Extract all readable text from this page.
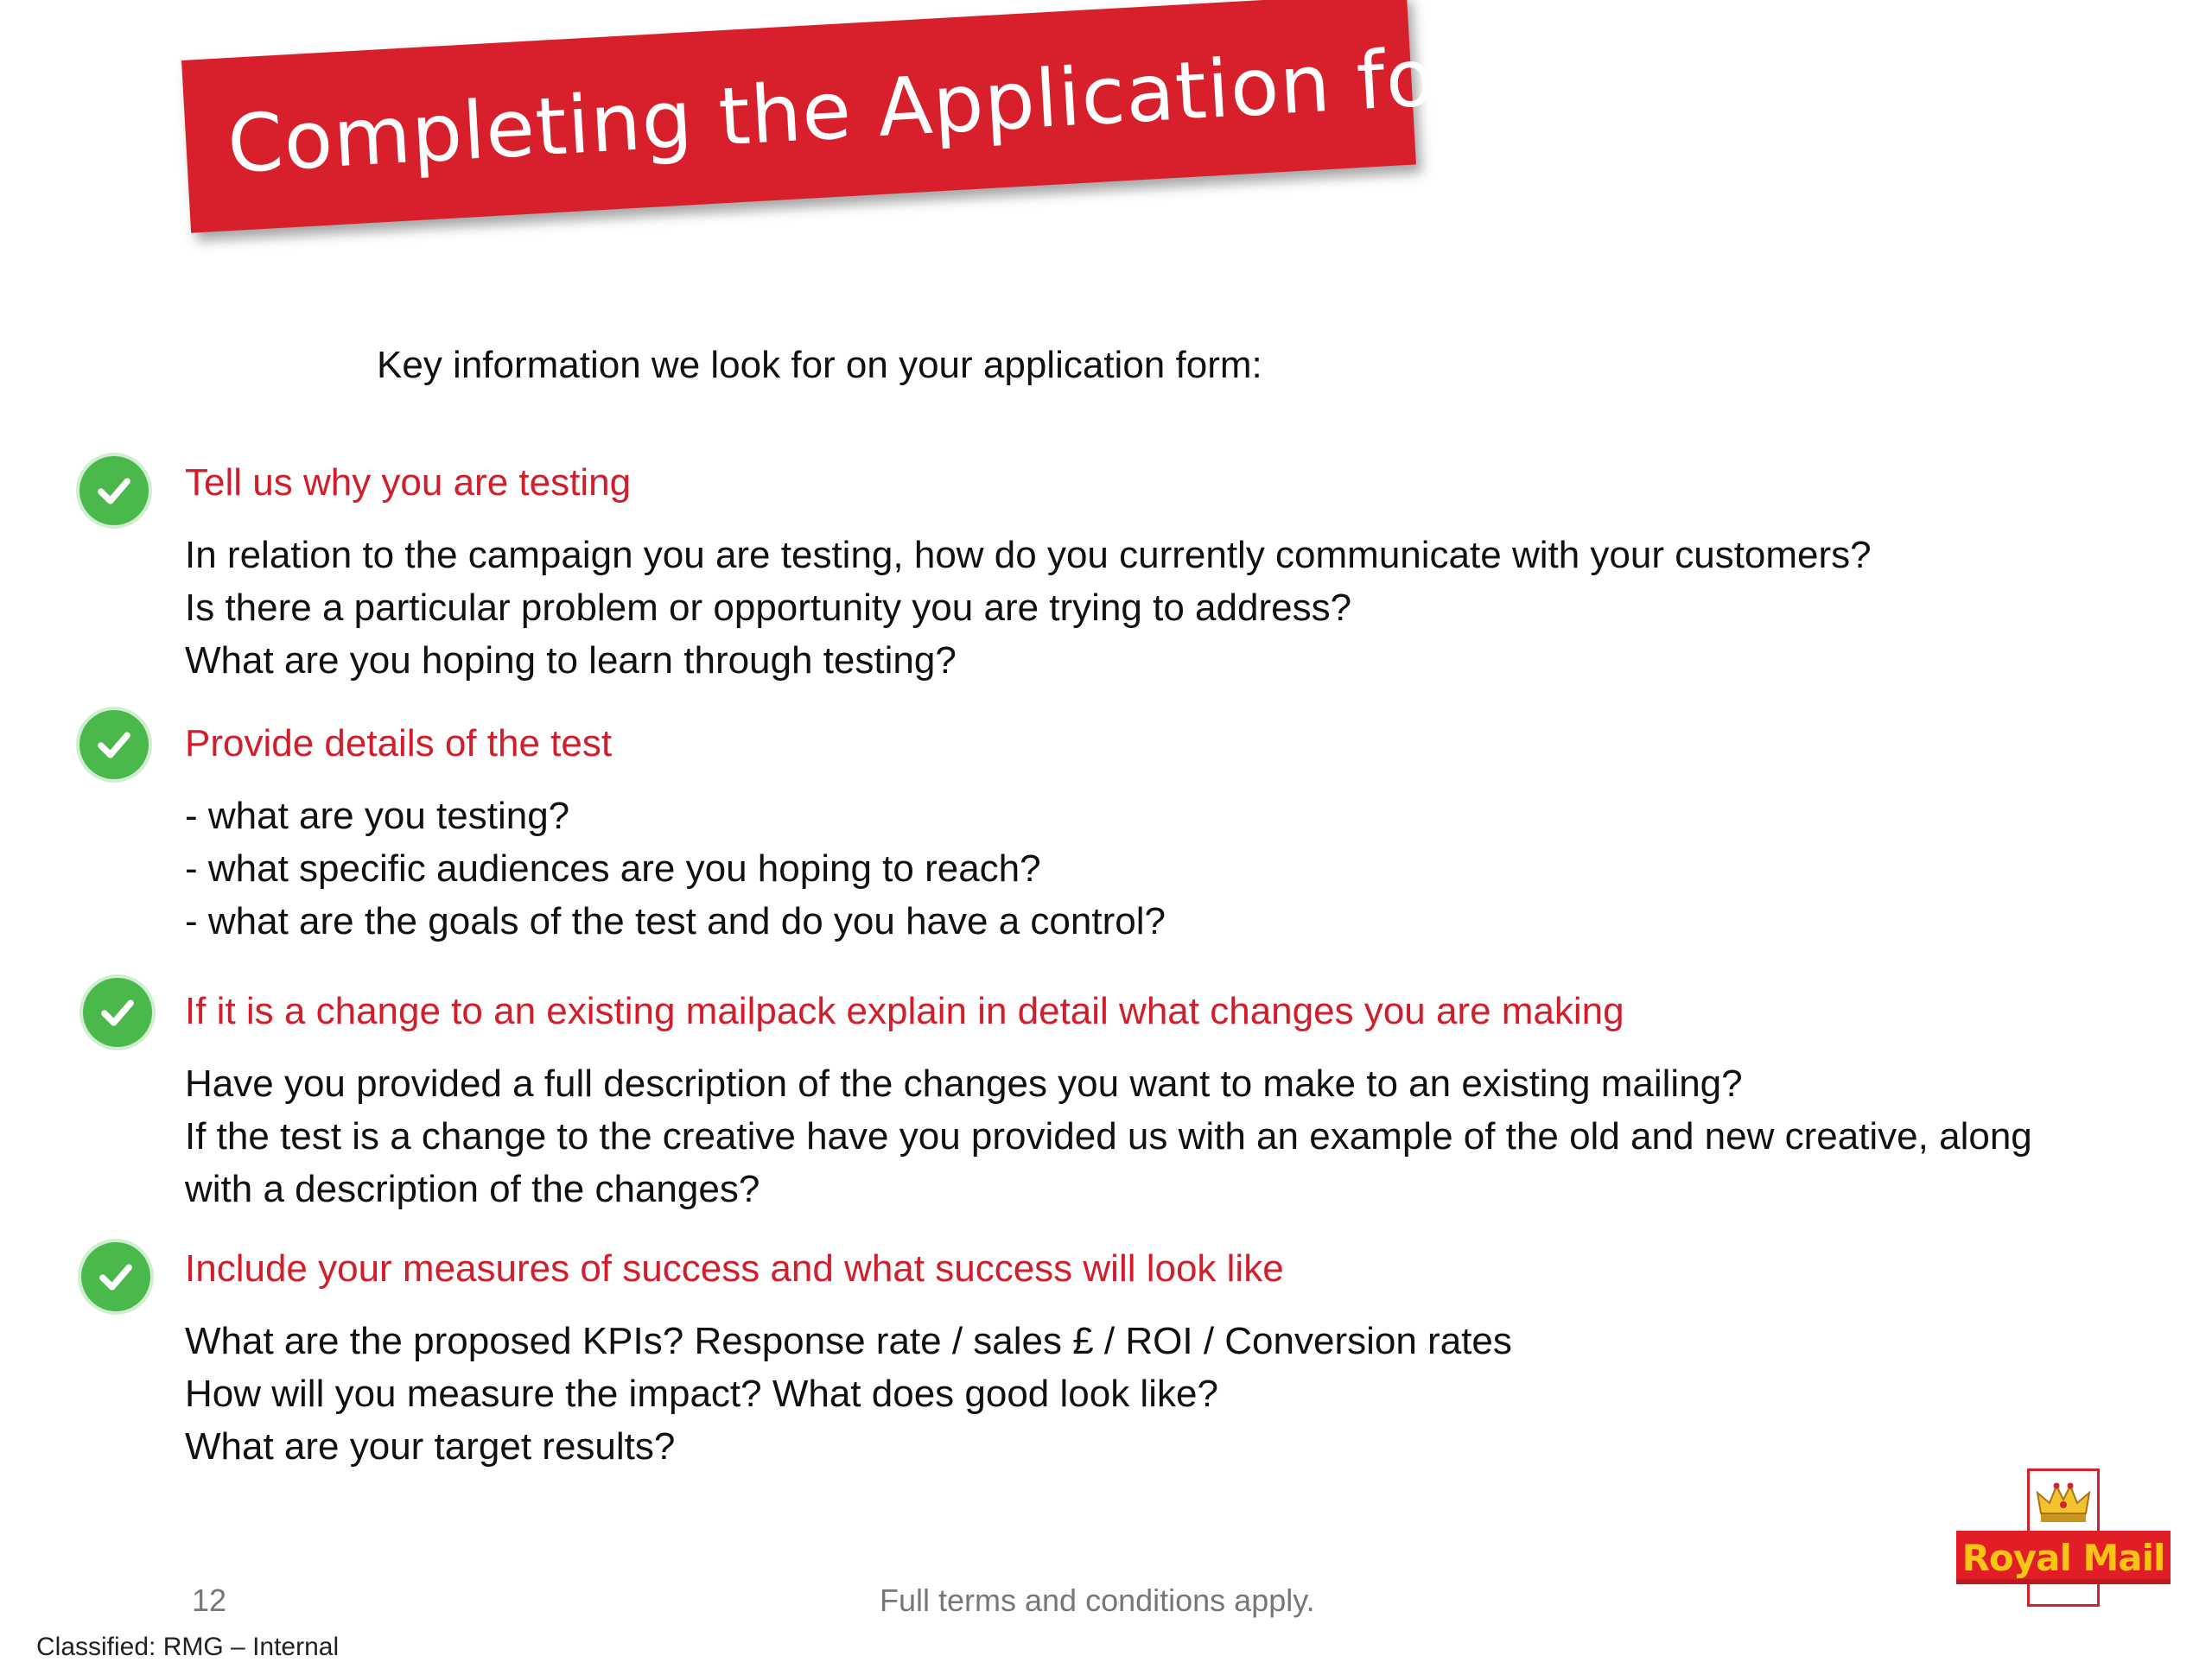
Completing the Application form
Key information we look for on your application form:
Tell us why you are testing
In relation to the campaign you are testing, how do you currently communicate with your customers?
Is there a particular problem or opportunity you are trying to address?
What are you hoping to learn through testing?
Provide details of the test
- what are you testing?
- what specific audiences are you hoping to reach?
- what are the goals of the test and do you have a control?
If it is a change to an existing mailpack explain in detail what changes you are making
Have you provided a full description of the changes you want to make to an existing mailing?
If the test is a change to the creative have you provided us with an example of the old and new creative, along
with a description of the changes?
Include your measures of success and what success will look like
What are the proposed KPIs? Response rate / sales £ / ROI / Conversion rates
How will you measure the impact? What does good look like?
What are your target results?
12	Full terms and conditions apply.
Classified: RMG – Internal
Royal Mail
